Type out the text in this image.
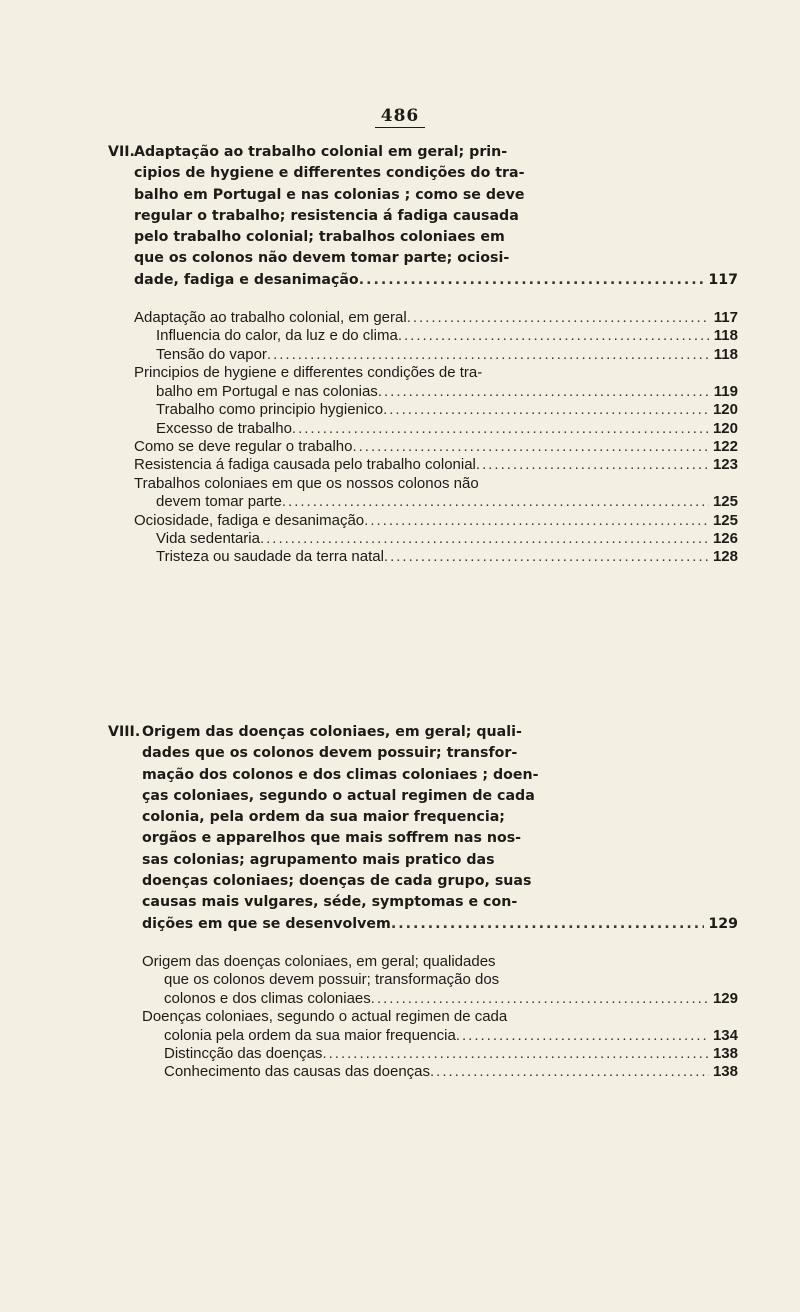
486
VII. Adaptação ao trabalho colonial em geral; prin-
cipios de hygiene e differentes condições do tra-
balho em Portugal e nas colonias ; como se deve
regular o trabalho; resistencia á fadiga causada
pelo trabalho colonial; trabalhos coloniaes em
que os colonos não devem tomar parte; ociosi-
dade, fadiga e desanimação .....	117
Adaptação ao trabalho colonial, em geral .....	117
Influencia do calor, da luz e do clima .....	118
Tensão do vapor .....	118
Principios de hygiene e differentes condições de tra-
balho em Portugal e nas colonias .....	119
Trabalho como principio hygienico .....	120
Excesso de trabalho .....	120
Como se deve regular o trabalho .....	122
Resistencia á fadiga causada pelo trabalho colonial .....	123
Trabalhos coloniaes em que os nossos colonos não
devem tomar parte .....	125
Ociosidade, fadiga e desanimação .....	125
Vida sedentaria .....	126
Tristeza ou saudade da terra natal .....	128
VIII. Origem das doenças coloniaes, em geral; quali-
dades que os colonos devem possuir; transfor-
mação dos colonos e dos climas coloniaes ; doen-
ças coloniaes, segundo o actual regimen de cada
colonia, pela ordem da sua maior frequencia;
orgãos e apparelhos que mais soffrem nas nos-
sas colonias; agrupamento mais pratico das
doenças coloniaes; doenças de cada grupo, suas
causas mais vulgares, séde, symptomas e con-
dições em que se desenvolvem .....	129
Origem das doenças coloniaes, em geral; qualidades
que os colonos devem possuir; transformação dos
colonos e dos climas coloniaes .....	129
Doenças coloniaes, segundo o actual regimen de cada
colonia pela ordem da sua maior frequencia .....	134
Distincção das doenças .....	138
Conhecimento das causas das doenças .....	138
